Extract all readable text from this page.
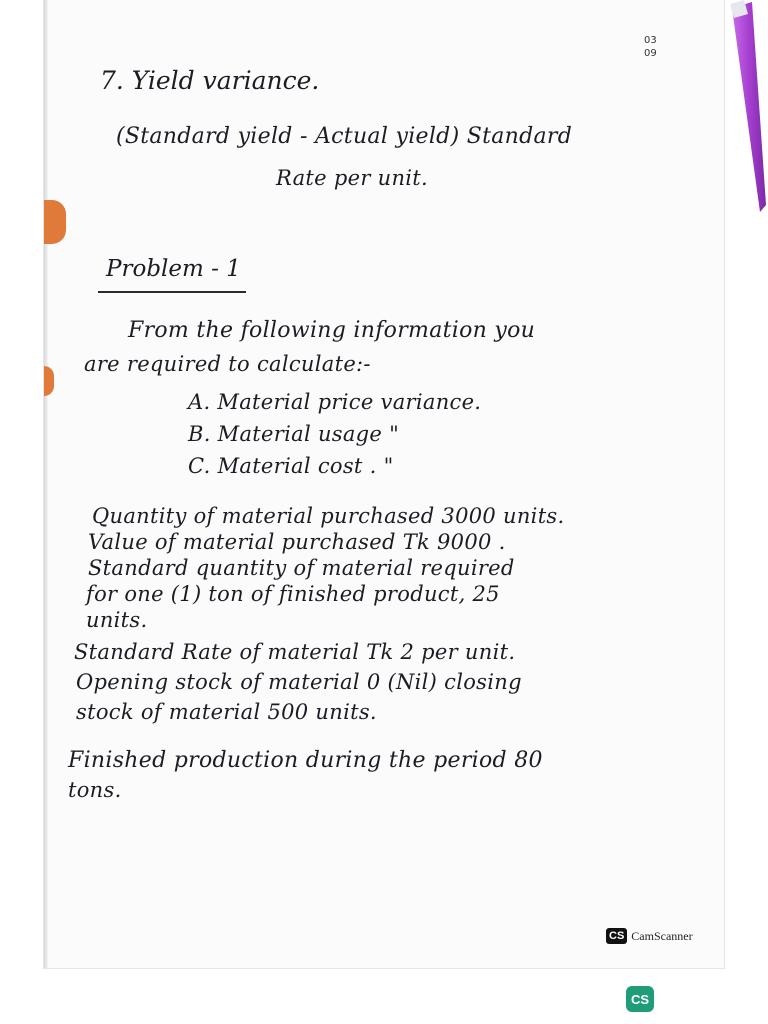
03
09
7. Yield variance.
(Standard yield - Actual yield) Standard
Rate per unit.
Problem - 1
From the following information you
are required to calculate:-
A. Material price variance.
B. Material usage "
C. Material cost . "
Quantity of material purchased 3000 units.
Value of material purchased Tk 9000 .
Standard quantity of material required
for one (1) ton of finished product, 25
units.
Standard Rate of material Tk 2 per unit.
Opening stock of material 0 (Nil) closing
stock of material 500 units.
Finished production during the period 80
tons.
CS CamScanner
CS
